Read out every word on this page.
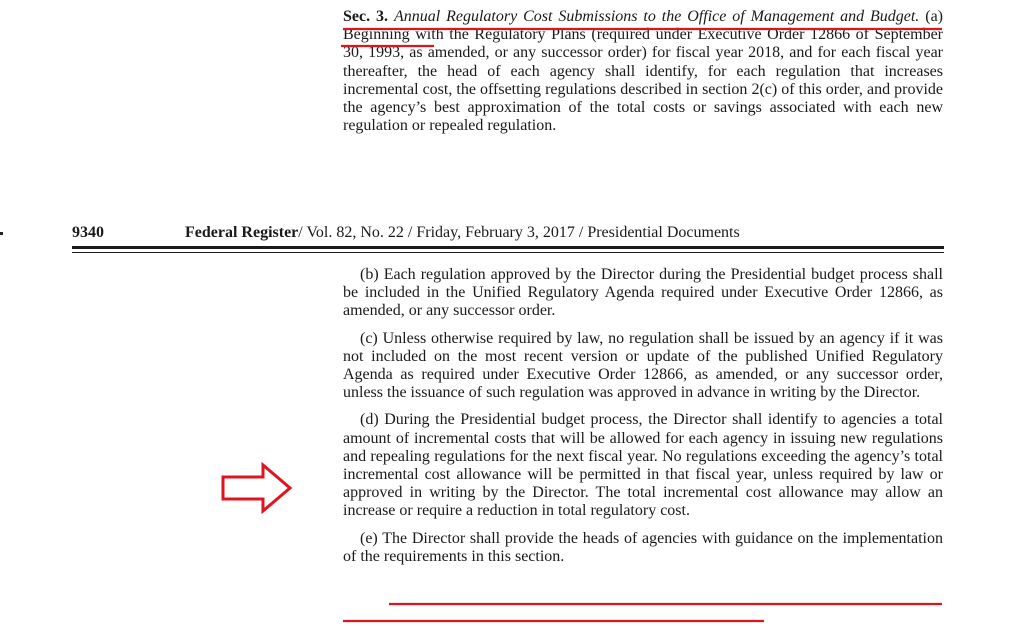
Sec. 3. Annual Regulatory Cost Submissions to the Office of Management and Budget. (a) Beginning with the Regulatory Plans (required under Executive Order 12866 of September 30, 1993, as amended, or any successor order) for fiscal year 2018, and for each fiscal year thereafter, the head of each agency shall identify, for each regulation that increases incremental cost, the offsetting regulations described in section 2(c) of this order, and provide the agency’s best approximation of the total costs or savings associated with each new regulation or repealed regulation.
9340	Federal Register/ Vol. 82, No. 22 / Friday, February 3, 2017 / Presidential Documents

(b) Each regulation approved by the Director during the Presidential budget process shall be included in the Unified Regulatory Agenda required under Executive Order 12866, as amended, or any successor order.

(c) Unless otherwise required by law, no regulation shall be issued by an agency if it was not included on the most recent version or update of the published Unified Regulatory Agenda as required under Executive Order 12866, as amended, or any successor order, unless the issuance of such regulation was approved in advance in writing by the Director.

(d) During the Presidential budget process, the Director shall identify to agencies a total amount of incremental costs that will be allowed for each agency in issuing new regulations and repealing regulations for the next fiscal year. No regulations exceeding the agency’s total incremental cost allowance will be permitted in that fiscal year, unless required by law or approved in writing by the Director. The total incremental cost allowance may allow an increase or require a reduction in total regulatory cost.

(e) The Director shall provide the heads of agencies with guidance on the implementation of the requirements in this section.
